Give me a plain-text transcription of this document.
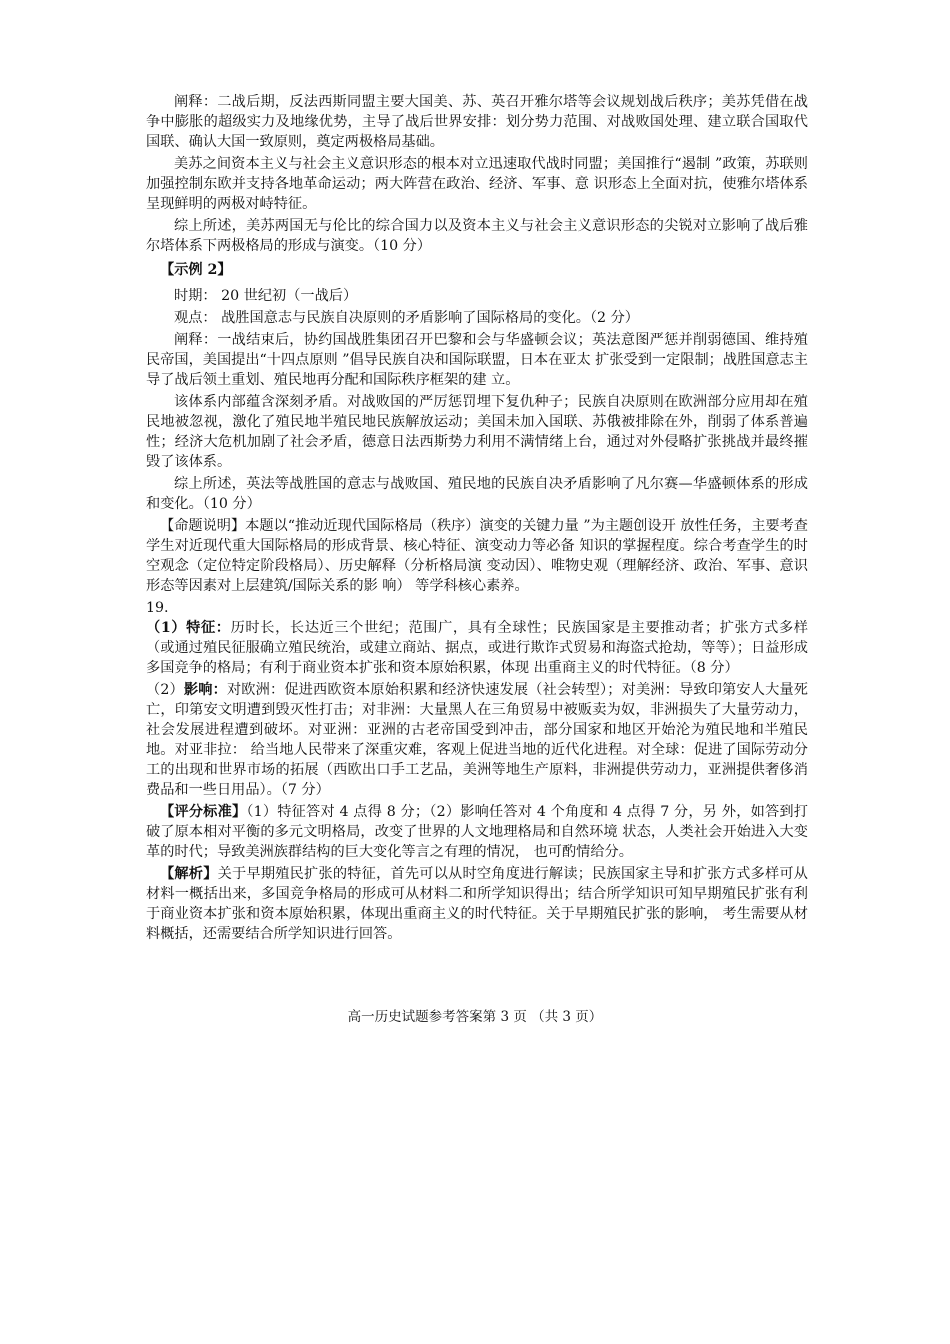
阐释：二战后期，反法西斯同盟主要大国美、苏、英召开雅尔塔等会议规划战后秩序；美苏凭借在战争中膨胀的超级实力及地缘优势，主导了战后世界安排：划分势力范围、对战败国处理、建立联合国取代国联、确认大国一致原则，奠定两极格局基础。

美苏之间资本主义与社会主义意识形态的根本对立迅速取代战时同盟；美国推行“遏制 ”政策，苏联则加强控制东欧并支持各地革命运动；两大阵营在政治、经济、军事、意 识形态上全面对抗，使雅尔塔体系呈现鲜明的两极对峙特征。

综上所述，美苏两国无与伦比的综合国力以及资本主义与社会主义意识形态的尖锐对立影响了战后雅尔塔体系下两极格局的形成与演变。（10 分）

【示例 2】

时期： 20 世纪初（一战后）

观点： 战胜国意志与民族自决原则的矛盾影响了国际格局的变化。（2 分）

阐释：一战结束后，协约国战胜集团召开巴黎和会与华盛顿会议；英法意图严惩并削弱德国、维持殖民帝国，美国提出“十四点原则 ”倡导民族自决和国际联盟，日本在亚太 扩张受到一定限制；战胜国意志主导了战后领土重划、殖民地再分配和国际秩序框架的建 立。

该体系内部蕴含深刻矛盾。对战败国的严厉惩罚埋下复仇种子；民族自决原则在欧洲部分应用却在殖民地被忽视，激化了殖民地半殖民地民族解放运动；美国未加入国联、苏俄被排除在外，削弱了体系普遍性；经济大危机加剧了社会矛盾，德意日法西斯势力利用不满情绪上台，通过对外侵略扩张挑战并最终摧毁了该体系。

综上所述，英法等战胜国的意志与战败国、殖民地的民族自决矛盾影响了凡尔赛—华盛顿体系的形成和变化。（10 分）

【命题说明】本题以“推动近现代国际格局（秩序）演变的关键力量 ”为主题创设开 放性任务，主要考查学生对近现代重大国际格局的形成背景、核心特征、演变动力等必备 知识的掌握程度。综合考查学生的时空观念（定位特定阶段格局）、历史解释（分析格局演 变动因）、唯物史观（理解经济、政治、军事、意识形态等因素对上层建筑/国际关系的影 响） 等学科核心素养。

19.

（1）特征：历时长，长达近三个世纪；范围广，具有全球性；民族国家是主要推动者；扩张方式多样（或通过殖民征服确立殖民统治，或建立商站、据点，或进行欺诈式贸易和海盗式抢劫，等等）；日益形成多国竞争的格局；有利于商业资本扩张和资本原始积累，体现 出重商主义的时代特征。（8 分）

（2）影响：对欧洲：促进西欧资本原始积累和经济快速发展（社会转型）；对美洲：导致印第安人大量死亡，印第安文明遭到毁灭性打击；对非洲：大量黑人在三角贸易中被贩卖为奴，非洲损失了大量劳动力，社会发展进程遭到破坏。对亚洲：亚洲的古老帝国受到冲击，部分国家和地区开始沦为殖民地和半殖民地。对亚非拉： 给当地人民带来了深重灾难，客观上促进当地的近代化进程。对全球：促进了国际劳动分工的出现和世界市场的拓展（西欧出口手工艺品，美洲等地生产原料，非洲提供劳动力，亚洲提供奢侈消费品和一些日用品）。（7 分）

【评分标准】（1）特征答对 4 点得 8 分；（2）影响任答对 4 个角度和 4 点得 7 分，另 外，如答到打破了原本相对平衡的多元文明格局，改变了世界的人文地理格局和自然环境 状态，人类社会开始进入大变革的时代；导致美洲族群结构的巨大变化等言之有理的情况， 也可酌情给分。

【解析】关于早期殖民扩张的特征，首先可以从时空角度进行解读；民族国家主导和扩张方式多样可从材料一概括出来，多国竞争格局的形成可从材料二和所学知识得出；结合所学知识可知早期殖民扩张有利于商业资本扩张和资本原始积累，体现出重商主义的时代特征。关于早期殖民扩张的影响， 考生需要从材料概括，还需要结合所学知识进行回答。

高一历史试题参考答案第 3 页 （共 3 页）
